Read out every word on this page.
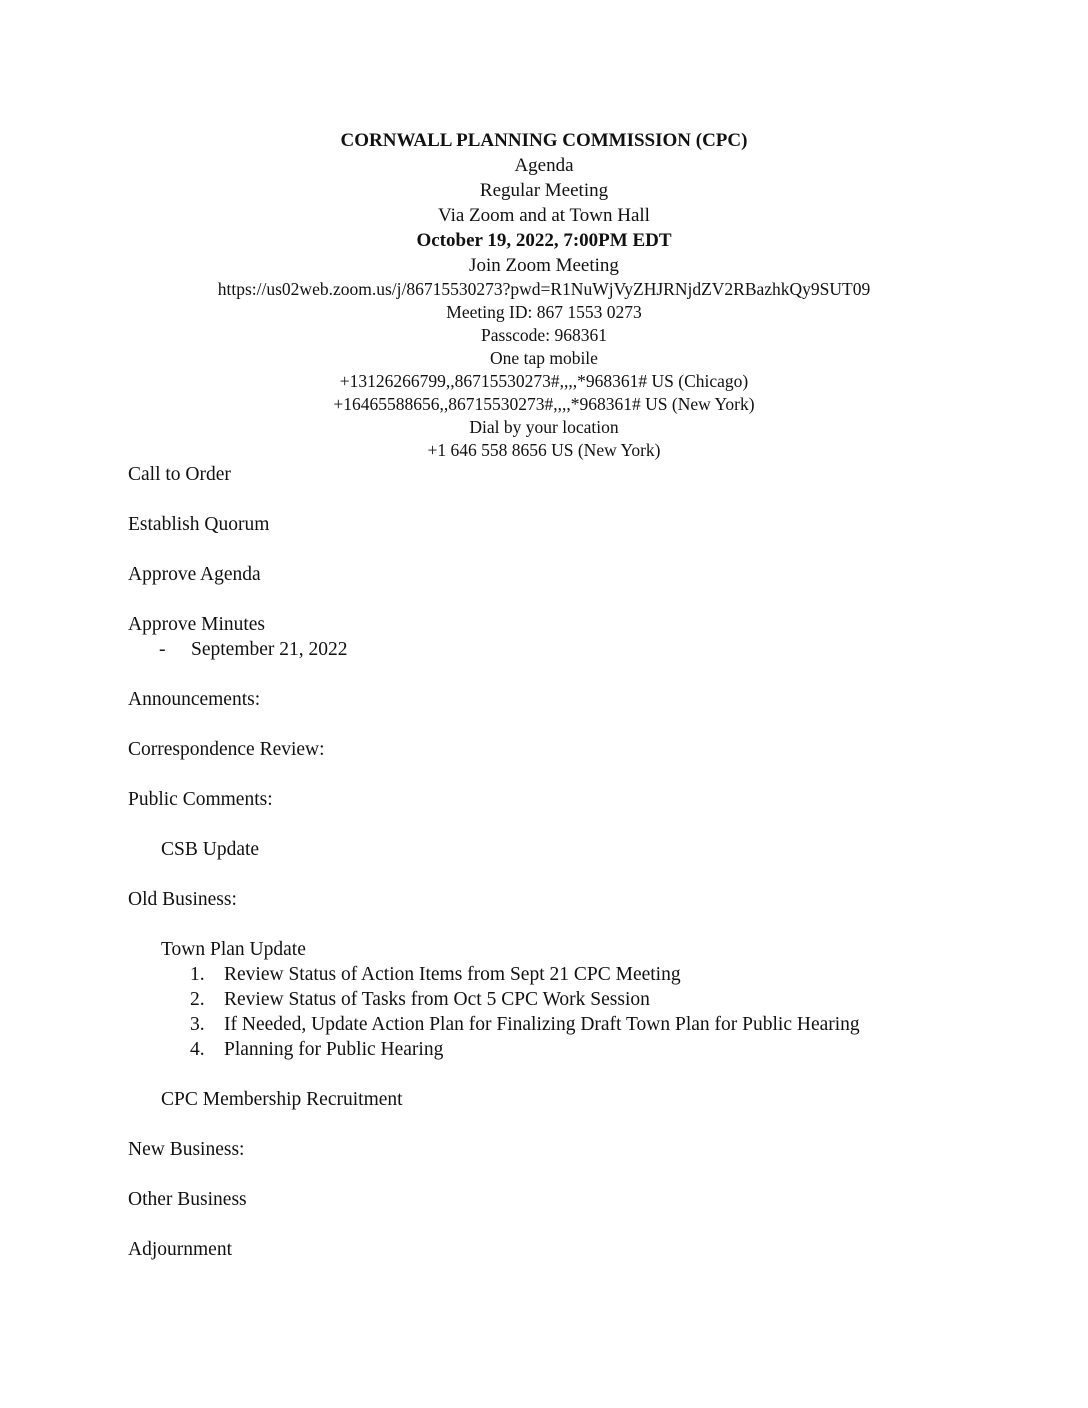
CORNWALL PLANNING COMMISSION (CPC)
Agenda
Regular Meeting
Via Zoom and at Town Hall
October 19, 2022, 7:00PM EDT
Join Zoom Meeting
https://us02web.zoom.us/j/86715530273?pwd=R1NuWjVyZHJRNjdZV2RBazhkQy9SUT09
Meeting ID: 867 1553 0273
Passcode: 968361
One tap mobile
+13126266799,,86715530273#,,,,*968361# US (Chicago)
+16465588656,,86715530273#,,,,*968361# US (New York)
Dial by your location
+1 646 558 8656 US (New York)
Call to Order
Establish Quorum
Approve Agenda
Approve Minutes
- September 21, 2022
Announcements:
Correspondence Review:
Public Comments:
CSB Update
Old Business:
Town Plan Update
1. Review Status of Action Items from Sept 21 CPC Meeting
2. Review Status of Tasks from Oct 5 CPC Work Session
3. If Needed, Update Action Plan for Finalizing Draft Town Plan for Public Hearing
4. Planning for Public Hearing
CPC Membership Recruitment
New Business:
Other Business
Adjournment
